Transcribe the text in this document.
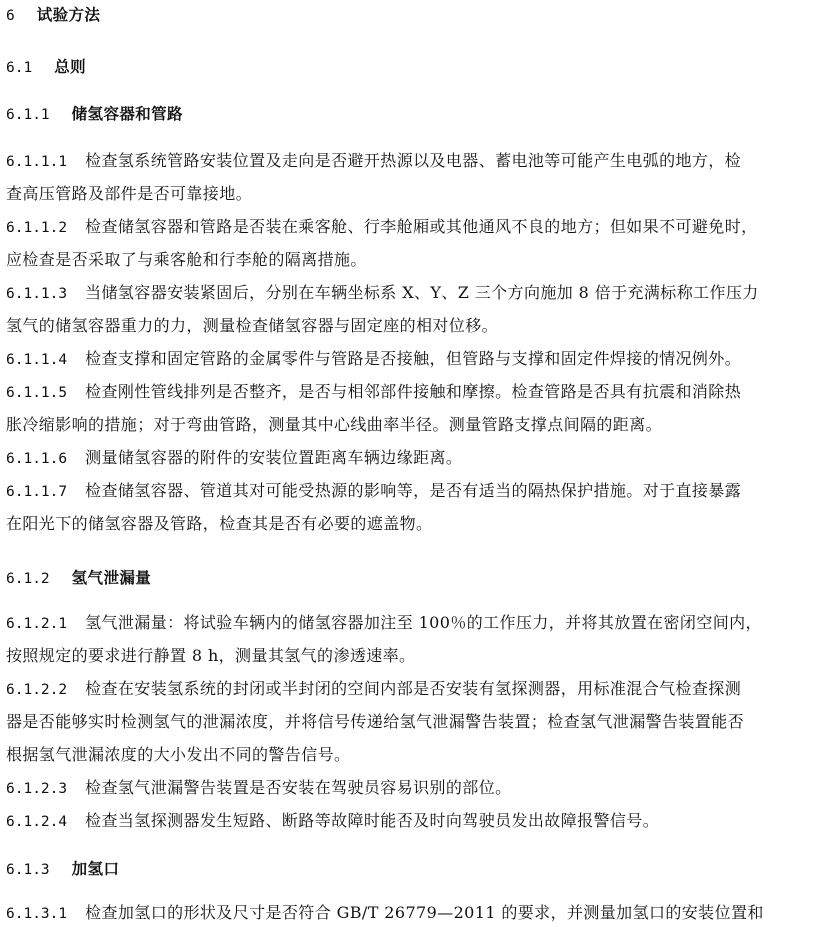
6 试验方法
6.1 总则
6.1.1 储氢容器和管路
6.1.1.1 检查氢系统管路安装位置及走向是否避开热源以及电器、蓄电池等可能产生电弧的地方，检
查高压管路及部件是否可靠接地。
6.1.1.2 检查储氢容器和管路是否装在乘客舱、行李舱厢或其他通风不良的地方；但如果不可避免时，
应检查是否采取了与乘客舱和行李舱的隔离措施。
6.1.1.3 当储氢容器安装紧固后，分别在车辆坐标系 X、Y、Z 三个方向施加 8 倍于充满标称工作压力
氢气的储氢容器重力的力，测量检查储氢容器与固定座的相对位移。
6.1.1.4 检查支撑和固定管路的金属零件与管路是否接触，但管路与支撑和固定件焊接的情况例外。
6.1.1.5 检查刚性管线排列是否整齐，是否与相邻部件接触和摩擦。检查管路是否具有抗震和消除热
胀冷缩影响的措施；对于弯曲管路，测量其中心线曲率半径。测量管路支撑点间隔的距离。
6.1.1.6 测量储氢容器的附件的安装位置距离车辆边缘距离。
6.1.1.7 检查储氢容器、管道其对可能受热源的影响等，是否有适当的隔热保护措施。对于直接暴露
在阳光下的储氢容器及管路，检查其是否有必要的遮盖物。
6.1.2 氢气泄漏量
6.1.2.1 氢气泄漏量：将试验车辆内的储氢容器加注至 100％的工作压力，并将其放置在密闭空间内，
按照规定的要求进行静置 8 h，测量其氢气的渗透速率。
6.1.2.2 检查在安装氢系统的封闭或半封闭的空间内部是否安装有氢探测器，用标准混合气检查探测
器是否能够实时检测氢气的泄漏浓度，并将信号传递给氢气泄漏警告装置；检查氢气泄漏警告装置能否
根据氢气泄漏浓度的大小发出不同的警告信号。
6.1.2.3 检查氢气泄漏警告装置是否安装在驾驶员容易识别的部位。
6.1.2.4 检查当氢探测器发生短路、断路等故障时能否及时向驾驶员发出故障报警信号。
6.1.3 加氢口
6.1.3.1 检查加氢口的形状及尺寸是否符合 GB/T 26779—2011 的要求，并测量加氢口的安装位置和
